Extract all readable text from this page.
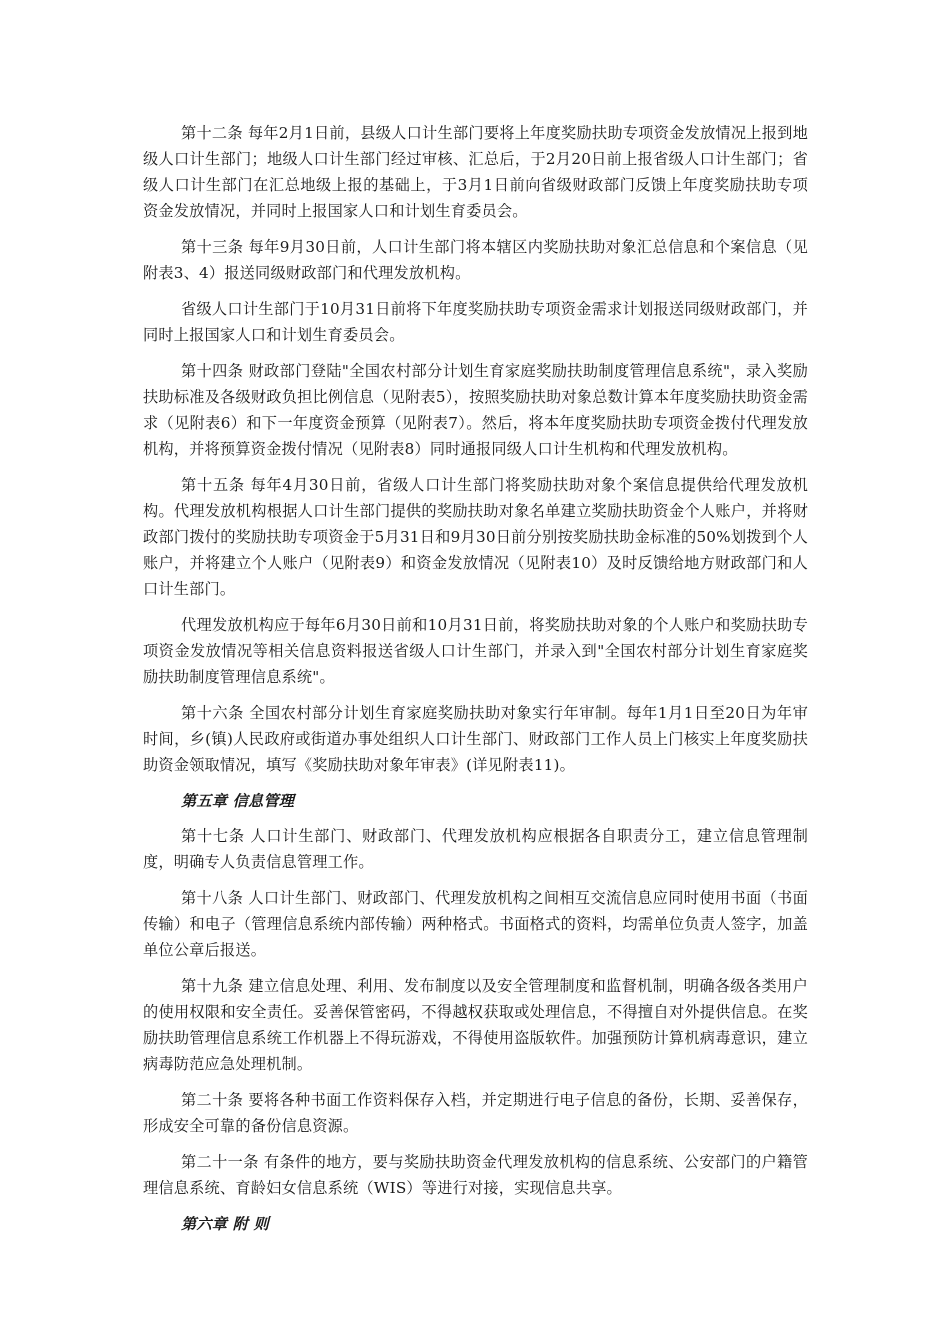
第十二条 每年2月1日前，县级人口计生部门要将上年度奖励扶助专项资金发放情况上报到地级人口计生部门；地级人口计生部门经过审核、汇总后，于2月20日前上报省级人口计生部门；省级人口计生部门在汇总地级上报的基础上，于3月1日前向省级财政部门反馈上年度奖励扶助专项资金发放情况，并同时上报国家人口和计划生育委员会。

第十三条 每年9月30日前，人口计生部门将本辖区内奖励扶助对象汇总信息和个案信息（见附表3、4）报送同级财政部门和代理发放机构。

省级人口计生部门于10月31日前将下年度奖励扶助专项资金需求计划报送同级财政部门，并同时上报国家人口和计划生育委员会。

第十四条 财政部门登陆"全国农村部分计划生育家庭奖励扶助制度管理信息系统"，录入奖励扶助标准及各级财政负担比例信息（见附表5），按照奖励扶助对象总数计算本年度奖励扶助资金需求（见附表6）和下一年度资金预算（见附表7）。然后，将本年度奖励扶助专项资金拨付代理发放机构，并将预算资金拨付情况（见附表8）同时通报同级人口计生机构和代理发放机构。

第十五条 每年4月30日前，省级人口计生部门将奖励扶助对象个案信息提供给代理发放机构。代理发放机构根据人口计生部门提供的奖励扶助对象名单建立奖励扶助资金个人账户，并将财政部门拨付的奖励扶助专项资金于5月31日和9月30日前分别按奖励扶助金标准的50%划拨到个人账户，并将建立个人账户（见附表9）和资金发放情况（见附表10）及时反馈给地方财政部门和人口计生部门。

代理发放机构应于每年6月30日前和10月31日前，将奖励扶助对象的个人账户和奖励扶助专项资金发放情况等相关信息资料报送省级人口计生部门，并录入到"全国农村部分计划生育家庭奖励扶助制度管理信息系统"。

第十六条 全国农村部分计划生育家庭奖励扶助对象实行年审制。每年1月1日至20日为年审时间，乡(镇)人民政府或街道办事处组织人口计生部门、财政部门工作人员上门核实上年度奖励扶助资金领取情况，填写《奖励扶助对象年审表》(详见附表11)。

第五章 信息管理

第十七条 人口计生部门、财政部门、代理发放机构应根据各自职责分工，建立信息管理制度，明确专人负责信息管理工作。

第十八条 人口计生部门、财政部门、代理发放机构之间相互交流信息应同时使用书面（书面传输）和电子（管理信息系统内部传输）两种格式。书面格式的资料，均需单位负责人签字，加盖单位公章后报送。

第十九条 建立信息处理、利用、发布制度以及安全管理制度和监督机制，明确各级各类用户的使用权限和安全责任。妥善保管密码，不得越权获取或处理信息，不得擅自对外提供信息。在奖励扶助管理信息系统工作机器上不得玩游戏，不得使用盗版软件。加强预防计算机病毒意识，建立病毒防范应急处理机制。

第二十条 要将各种书面工作资料保存入档，并定期进行电子信息的备份，长期、妥善保存，形成安全可靠的备份信息资源。

第二十一条 有条件的地方，要与奖励扶助资金代理发放机构的信息系统、公安部门的户籍管理信息系统、育龄妇女信息系统（WIS）等进行对接，实现信息共享。

第六章 附 则
